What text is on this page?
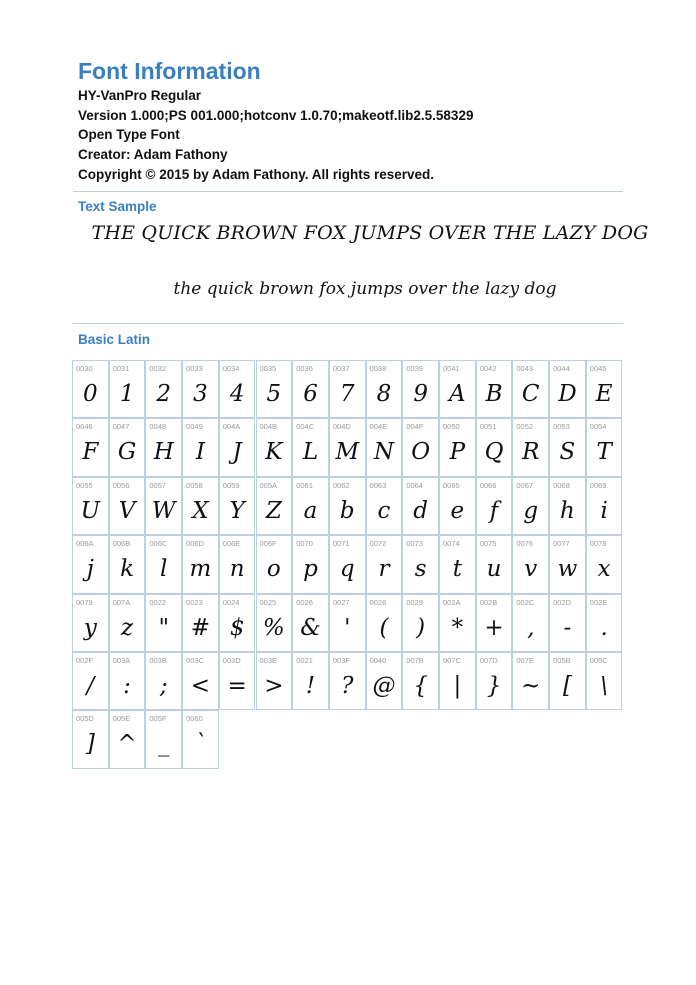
Font Information
HY-VanPro Regular
Version 1.000;PS 001.000;hotconv 1.0.70;makeotf.lib2.5.58329
Open Type Font
Creator: Adam Fathony
Copyright © 2015 by Adam Fathony. All rights reserved.
Text Sample
THE QUICK BROWN FOX JUMPS OVER THE LAZY DOG
the quick brown fox jumps over the lazy dog
Basic Latin
0030
0
0031
1
0032
2
0033
3
0034
4
0035
5
0036
6
0037
7
0038
8
0039
9
0041
A
0042
B
0043
C
0044
D
0045
E
0046
F
0047
G
0048
H
0049
I
004A
J
004B
K
004C
L
004D
M
004E
N
004F
O
0050
P
0051
Q
0052
R
0053
S
0054
T
0055
U
0056
V
0057
W
0058
X
0059
Y
005A
Z
0061
a
0062
b
0063
c
0064
d
0065
e
0066
f
0067
g
0068
h
0069
i
006A
j
006B
k
006C
l
006D
m
006E
n
006F
o
0070
p
0071
q
0072
r
0073
s
0074
t
0075
u
0076
v
0077
w
0078
x
0079
y
007A
z
0022
"
0023
#
0024
$
0025
%
0026
&
0027
'
0028
(
0029
)
002A
*
002B
+
002C
,
002D
-
002E
.
002F
/
003A
:
003B
;
003C
<
003D
=
003E
>
0021
!
003F
?
0040
@
007B
{
007C
|
007D
}
007E
~
005B
[
005C
\
005D
]
005E
^
005F
_
0060
`
